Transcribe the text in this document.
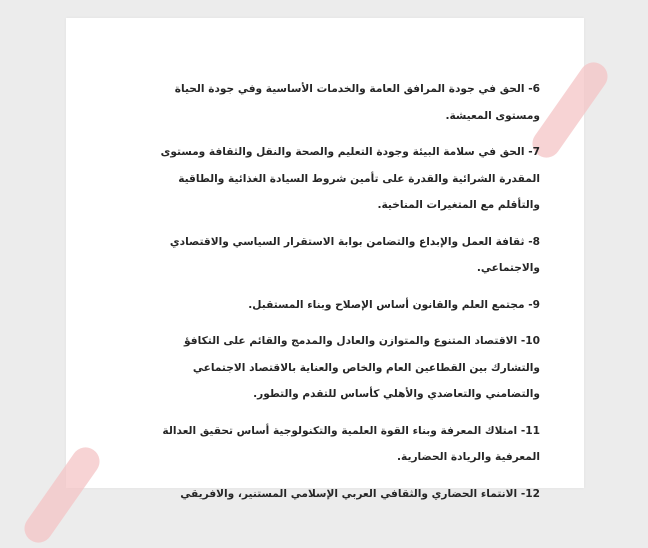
6- الحق في جودة المرافق العامة والخدمات الأساسية وفي جودة الحياة
ومستوى المعيشة.
7- الحق في سلامة البيئة وجودة التعليم والصحة والنقل والثقافة ومستوى
المقدرة الشرائية والقدرة على تأمين شروط السيادة الغذائية والطاقية
والتأقلم مع المتغيرات المناخية.
8- ثقافة العمل والإبداع والتضامن بوابة الاستقرار السياسي والاقتصادي
والاجتماعي.
9- مجتمع العلم والقانون أساس الإصلاح وبناء المستقبل.
10- الاقتصاد المتنوع والمتوازن والعادل والمدمج والقائم على التكافؤ
والتشارك بين القطاعين العام والخاص والعناية بالاقتصاد الاجتماعي
والتضامني والتعاضدي والأهلي كأساس للتقدم والتطور.
11- امتلاك المعرفة وبناء القوة العلمية والتكنولوجية أساس تحقيق العدالة
المعرفية والريادة الحضارية.
12- الانتماء الحضاري والثقافي العربي الإسلامي المستنير، والافريقي
